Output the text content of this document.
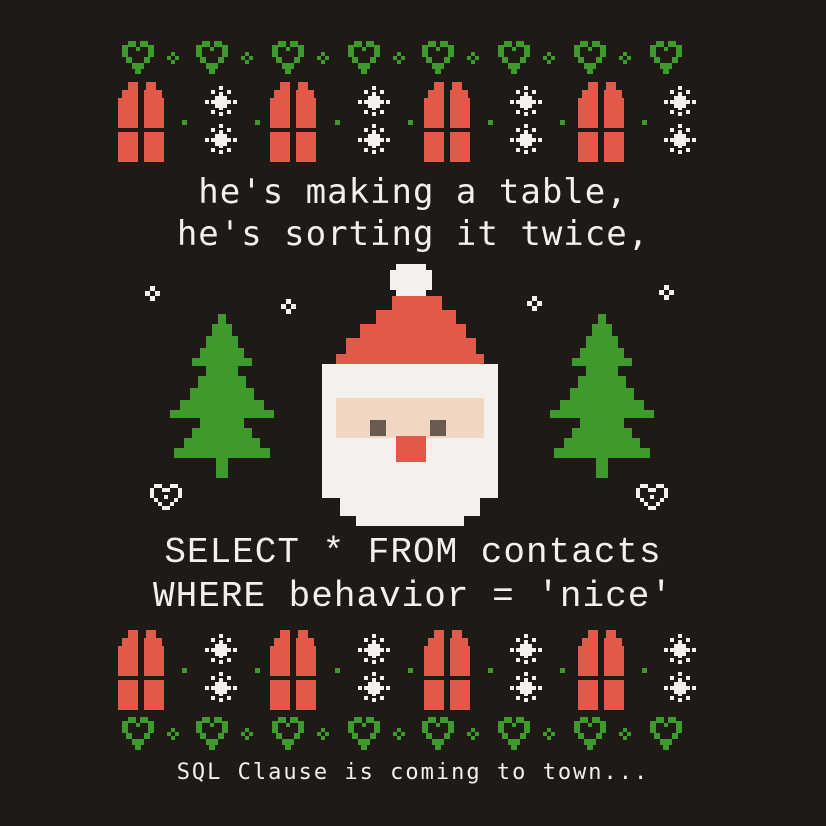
he's making a table,
he's sorting it twice,
SELECT * FROM contacts
WHERE behavior = 'nice'
SQL Clause is coming to town...
